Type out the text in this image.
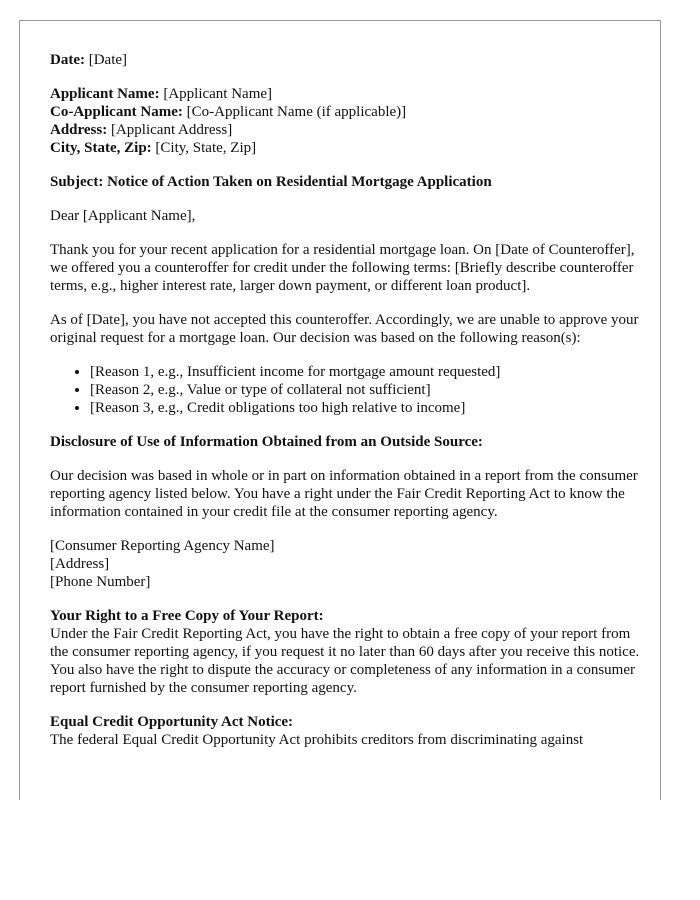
Date: [Date]

Applicant Name: [Applicant Name]
Co-Applicant Name: [Co-Applicant Name (if applicable)]
Address: [Applicant Address]
City, State, Zip: [City, State, Zip]

Subject: Notice of Action Taken on Residential Mortgage Application

Dear [Applicant Name],

Thank you for your recent application for a residential mortgage loan. On [Date of Counteroffer], we offered you a counteroffer for credit under the following terms: [Briefly describe counteroffer terms, e.g., higher interest rate, larger down payment, or different loan product].

As of [Date], you have not accepted this counteroffer. Accordingly, we are unable to approve your original request for a mortgage loan. Our decision was based on the following reason(s):

• [Reason 1, e.g., Insufficient income for mortgage amount requested]
• [Reason 2, e.g., Value or type of collateral not sufficient]
• [Reason 3, e.g., Credit obligations too high relative to income]

Disclosure of Use of Information Obtained from an Outside Source:

Our decision was based in whole or in part on information obtained in a report from the consumer reporting agency listed below. You have a right under the Fair Credit Reporting Act to know the information contained in your credit file at the consumer reporting agency.

[Consumer Reporting Agency Name]
[Address]
[Phone Number]

Your Right to a Free Copy of Your Report:
Under the Fair Credit Reporting Act, you have the right to obtain a free copy of your report from the consumer reporting agency, if you request it no later than 60 days after you receive this notice. You also have the right to dispute the accuracy or completeness of any information in a consumer report furnished by the consumer reporting agency.

Equal Credit Opportunity Act Notice:
The federal Equal Credit Opportunity Act prohibits creditors from discriminating against
